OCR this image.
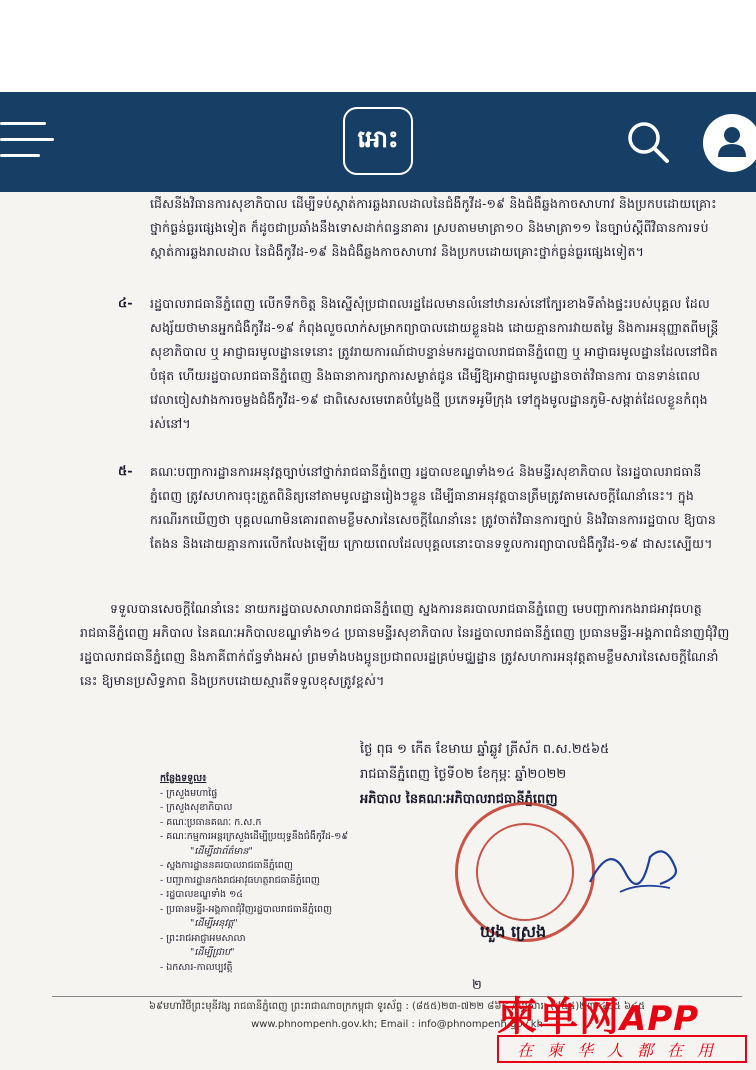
អោះ
ជើសនីងវិធានការសុខាភិបាល ដើម្បីទប់ស្កាត់ការឆ្លងរាលដាលនៃជំងឺកូវីដ-១៩ និងជំងឺឆ្លងកាចសាហាវ និងប្រកបដោយគ្រោះថ្នាក់ធ្ងន់ធ្ងរផ្សេងទៀត ក៏ដូចជាប្រឆាំងនឹងទោសដាក់ពន្ធនាគារ ស្របតាមមាត្រា១០ និងមាត្រា១១ នៃច្បាប់ស្តីពីវិធានការទប់ស្កាត់ការឆ្លងរាលដាល នៃជំងឺកូវីដ-១៩ និងជំងឺឆ្លងកាចសាហាវ និងប្រកបដោយគ្រោះថ្នាក់ធ្ងន់ធ្ងរផ្សេងទៀត។
៤- រដ្ឋបាលរាជធានីភ្នំពេញ លើកទឹកចិត្ត និងស្នើសុំប្រជាពលរដ្ឋដែលមានលំនៅឋានរស់នៅក្បែរខាងទីតាំងផ្ទះរបស់បុគ្គល ដែលសង្ស័យថាមានអ្នកជំងឺកូវីដ-១៩ កំពុងលួចលាក់សម្រាកព្យាបាលដោយខ្លួនឯង ដោយគ្មានការវាយតម្លៃ និងការអនុញ្ញាតពីមន្ត្រីសុខាភិបាល ឬ អាជ្ញាធរមូលដ្ឋានទេនោះ ត្រូវរាយការណ៍ជាបន្ទាន់មករដ្ឋបាលរាជធានីភ្នំពេញ ឬ អាជ្ញាធរមូលដ្ឋានដែលនៅជិតបំផុត ហើយរដ្ឋបាលរាជធានីភ្នំពេញ និងធានាការក្សាការសម្ងាត់ជូន ដើម្បីឱ្យអាជ្ញាធរមូលដ្ឋានចាត់វិធានការ បានទាន់ពេលវេលាចៀសវាងការចម្លងជំងឺកូវីដ-១៩ ជាពិសេសមេរោគបំប្លែងថ្មី ប្រភេទអូមីក្រុង ទៅក្នុងមូលដ្ឋានភូមិ-សង្កាត់ដែលខ្លួនកំពុងរស់នៅ។
៥- គណៈបញ្ជាការដ្ឋានការអនុវត្តច្បាប់នៅថ្នាក់រាជធានីភ្នំពេញ រដ្ឋបាលខណ្ឌទាំង១៤ និងមន្ទីរសុខាភិបាល នៃរដ្ឋបាលរាជធានីភ្នំពេញ ត្រូវសហការចុះត្រួតពិនិត្យនៅតាមមូលដ្ឋានរៀងៗខ្លួន ដើម្បីធានាអនុវត្តបានត្រឹមត្រូវតាមសេចក្តីណែនាំនេះ។ ក្នុងករណីរកឃើញថា បុគ្គលណាមិនគោរពតាមខ្លឹមសារនៃសេចក្តីណែនាំនេះ ត្រូវចាត់វិធានការច្បាប់ និងវិធានការរដ្ឋបាល ឱ្យបានតែងន និងដោយគ្មានការលើកលែងឡើយ ក្រោយពេលដែលបុគ្គលនោះបានទទួលការព្យាបាលជំងឺកូវីដ-១៩ ជាសះស្បើយ។
ទទួលបានសេចក្តីណែនាំនេះ នាយករដ្ឋបាលសាលារាជធានីភ្នំពេញ ស្នងការនគរបាលរាជធានីភ្នំពេញ មេបញ្ជាការកងរាជអាវុធហត្ថរាជធានីភ្នំពេញ អភិបាល នៃគណៈអភិបាលខណ្ឌទាំង១៤ ប្រធានមន្ទីរសុខាភិបាល នៃរដ្ឋបាលរាជធានីភ្នំពេញ ប្រធានមន្ទីរ-អង្គភាពជំនាញជុំវិញរដ្ឋបាលរាជធានីភ្នំពេញ និងភាគីពាក់ព័ន្ធទាំងអស់ ព្រមទាំងបងប្អូនប្រជាពលរដ្ឋគ្រប់មជ្ឈដ្ឋាន ត្រូវសហការអនុវត្តតាមខ្លឹមសារនៃសេចក្តីណែនាំនេះ ឱ្យមានប្រសិទ្ធភាព និងប្រកបដោយស្មារតីទទួលខុសត្រូវខ្ពស់។
កន្លែងទទួល៖
- ក្រសួងមហាផ្ទៃ
- ក្រសួងសុខាភិបាល
- គណៈប្រធានគណៈ ក.ស.ក
- គណៈកម្មការអន្តរក្រសួងដើម្បីប្រយុទ្ធនឹងជំងឺកូវីដ-១៩
"ដើម្បីជាព័ត៌មាន"
- ស្នងការដ្ឋាននគរបាលរាជធានីភ្នំពេញ
- បញ្ជាការដ្ឋានកងរាជអាវុធហត្ថរាជធានីភ្នំពេញ
- រដ្ឋបាលខណ្ឌទាំង ១៤
- ប្រធានមន្ទីរ-អង្គភាពជុំវិញរដ្ឋបាលរាជធានីភ្នំពេញ
"ដើម្បីអនុវត្ត"
- ព្រះរាជអាជ្ញាអមសាលា
"ដើម្បីជ្រាប"
- ឯកសារ-កាលប្បវត្តិ
ថ្ងៃ ពុធ ១ កើត ខែមាឃ ឆ្នាំឆ្លូវ ត្រីស័ក ព.ស.២៥៦៥
រាជធានីភ្នំពេញ ថ្ងៃទី០២ ខែកុម្ភៈ ឆ្នាំ២០២២
អភិបាល នៃគណៈអភិបាលរាជធានីភ្នំពេញ
ឃួង ស្រេង
២
៦៩មហាវិថីព្រះមុនីវង្ស រាជធានីភ្នំពេញ ព្រះរាជាណាចក្រកម្ពុជា ទូរស័ព្ទ : (៨៥៥)២៣-៧២២ ៨៦៩ / ទូរសារ: (៨៥៥)២៣-៤២៥ ៦៤៥
www.phnompenh.gov.kh; Email : info@phnompenh.gov.kh
柬单网APP
在柬华人都在用
